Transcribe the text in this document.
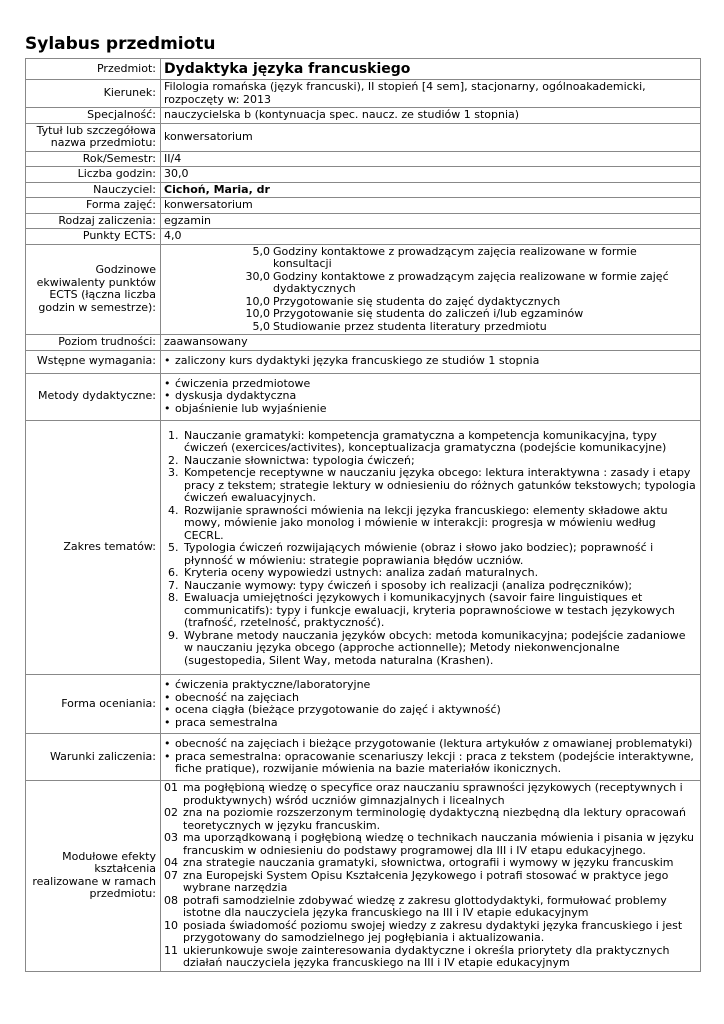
Sylabus przedmiotu
Przedmiot:	Dydaktyka języka francuskiego
Kierunek:	Filologia romańska (język francuski), II stopień [4 sem], stacjonarny, ogólnoakademicki, rozpoczęty w: 2013
Specjalność:	nauczycielska b (kontynuacja spec. naucz. ze studiów 1 stopnia)
Tytuł lub szczegółowa nazwa przedmiotu:	konwersatorium
Rok/Semestr:	II/4
Liczba godzin:	30,0
Nauczyciel:	Cichoń, Maria, dr
Forma zajęć:	konwersatorium
Rodzaj zaliczenia:	egzamin
Punkty ECTS:	4,0
Godzinowe ekwiwalenty punktów ECTS (łączna liczba godzin w semestrze):	
5,0	Godziny kontaktowe z prowadzącym zajęcia realizowane w formie konsultacji
30,0	Godziny kontaktowe z prowadzącym zajęcia realizowane w formie zajęć dydaktycznych
10,0	Przygotowanie się studenta do zajęć dydaktycznych
10,0	Przygotowanie się studenta do zaliczeń i/lub egzaminów
5,0	Studiowanie przez studenta literatury przedmiotu

Poziom trudności:	zaawansowany
Wstępne wymagania:	
•zaliczony kurs dydaktyki języka francuskiego ze studiów 1 stopnia

Metody dydaktyczne:	
• ćwiczenia przedmiotowe
• dyskusja dydaktyczna
• objaśnienie lub wyjaśnienie

Zakres tematów:	
1. Nauczanie gramatyki: kompetencja gramatyczna a kompetencja komunikacyjna, typy ćwiczeń (exercices/activites), konceptualizacja gramatyczna (podejście komunikacyjne)
2. Nauczanie słownictwa: typologia ćwiczeń;
3. Kompetencje receptywne w nauczaniu języka obcego: lektura interaktywna : zasady i etapy pracy z tekstem; strategie lektury w odniesieniu do różnych gatunków tekstowych; typologia ćwiczeń ewaluacyjnych.
4. Rozwijanie sprawności mówienia na lekcji języka francuskiego: elementy składowe aktu mowy, mówienie jako monolog i mówienie w interakcji: progresja w mówieniu według CECRL.
5. Typologia ćwiczeń rozwijających mówienie (obraz i słowo jako bodziec); poprawność i płynność w mówieniu: strategie poprawiania błędów uczniów.
6. Kryteria oceny wypowiedzi ustnych: analiza zadań maturalnych.
7. Nauczanie wymowy: typy ćwiczeń i sposoby ich realizacji (analiza podręczników);
8. Ewaluacja umiejętności językowych i komunikacyjnych (savoir faire linguistiques et communicatifs): typy i funkcje ewaluacji, kryteria poprawnościowe w testach językowych (trafność, rzetelność, praktyczność).
9. Wybrane metody nauczania języków obcych: metoda komunikacyjna; podejście zadaniowe w nauczaniu języka obcego (approche actionnelle); Metody niekonwencjonalne (sugestopedia, Silent Way, metoda naturalna (Krashen).

Forma oceniania:	
• ćwiczenia praktyczne/laboratoryjne
• obecność na zajęciach
• ocena ciągła (bieżące przygotowanie do zajęć i aktywność)
• praca semestralna

Warunki zaliczenia:	
• obecność na zajęciach i bieżące przygotowanie (lektura artykułów z omawianej problematyki)
• praca semestralna: opracowanie scenariuszy lekcji : praca z tekstem (podejście interaktywne, fiche pratique), rozwijanie mówienia na bazie materiałów ikonicznych.

Modułowe efekty kształcenia realizowane w ramach przedmiotu:	
01	ma pogłębioną wiedzę o specyfice oraz nauczaniu sprawności językowych (receptywnych i produktywnych) wśród uczniów gimnazjalnych i licealnych
02	zna na poziomie rozszerzonym terminologię dydaktyczną niezbędną dla lektury opracowań teoretycznych w języku francuskim.
03	ma uporządkowaną i pogłębioną wiedzę o technikach nauczania mówienia i pisania w języku francuskim w odniesieniu do podstawy programowej dla III i IV etapu edukacyjnego.
04	zna strategie nauczania gramatyki, słownictwa, ortografii i wymowy w języku francuskim
07	zna Europejski System Opisu Kształcenia Językowego i potrafi stosować w praktyce jego wybrane narzędzia
08	potrafi samodzielnie zdobywać wiedzę z zakresu glottodydaktyki, formułować problemy istotne dla nauczyciela języka francuskiego na III i IV etapie edukacyjnym
10	posiada świadomość poziomu swojej wiedzy z zakresu dydaktyki języka francuskiego i jest przygotowany do samodzielnego jej pogłębiania i aktualizowania.
11	ukierunkowuje swoje zainteresowania dydaktyczne i określa priorytety dla praktycznych działań nauczyciela języka francuskiego na III i IV etapie edukacyjnym
